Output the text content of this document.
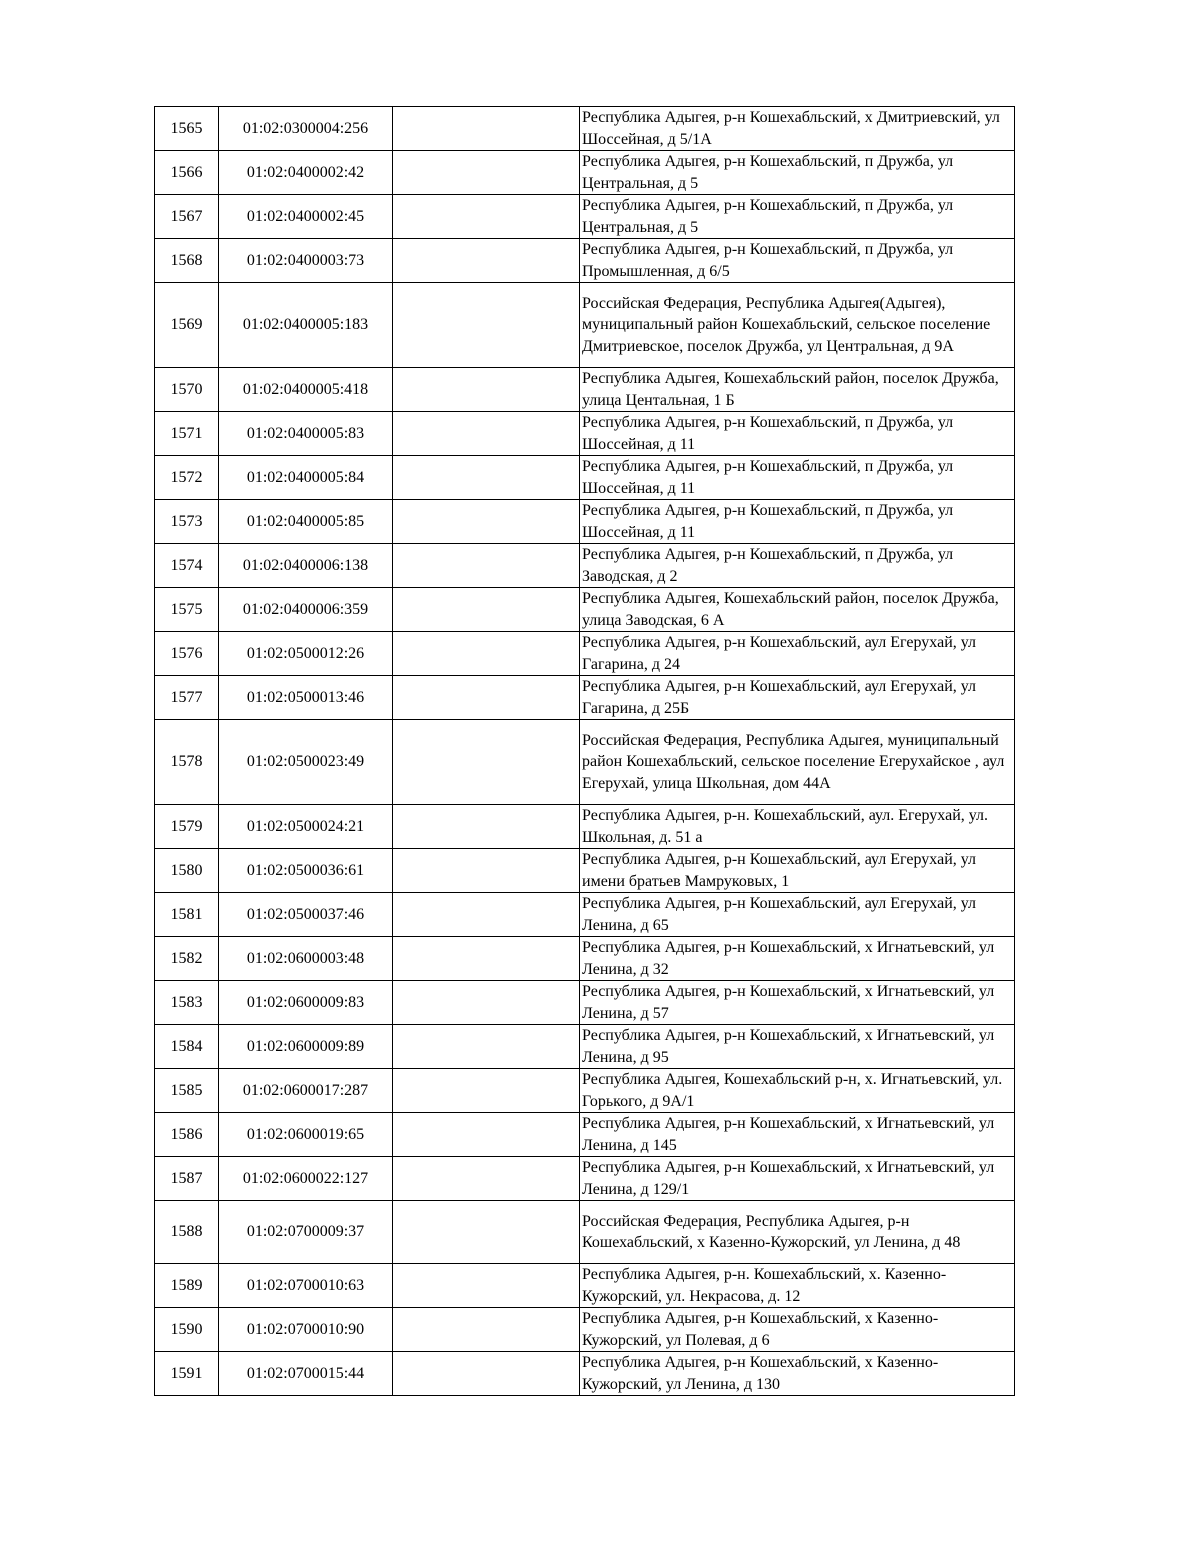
1565	01:02:0300004:256		Республика Адыгея, р-н Кошехабльский, х Дмитриевский, ул Шоссейная, д 5/1А
1566	01:02:0400002:42		Республика Адыгея, р-н Кошехабльский, п Дружба, ул Центральная, д 5
1567	01:02:0400002:45		Республика Адыгея, р-н Кошехабльский, п Дружба, ул Центральная, д 5
1568	01:02:0400003:73		Республика Адыгея, р-н Кошехабльский, п Дружба, ул Промышленная, д 6/5
1569	01:02:0400005:183		Российская Федерация, Республика Адыгея(Адыгея), муниципальный район Кошехабльский, сельское поселение Дмитриевское, поселок Дружба, ул Центральная, д 9А
1570	01:02:0400005:418		Республика Адыгея, Кошехабльский район, поселок Дружба, улица Центальная, 1 Б
1571	01:02:0400005:83		Республика Адыгея, р-н Кошехабльский, п Дружба, ул Шоссейная, д 11
1572	01:02:0400005:84		Республика Адыгея, р-н Кошехабльский, п Дружба, ул Шоссейная, д 11
1573	01:02:0400005:85		Республика Адыгея, р-н Кошехабльский, п Дружба, ул Шоссейная, д 11
1574	01:02:0400006:138		Республика Адыгея, р-н Кошехабльский, п Дружба, ул Заводская, д 2
1575	01:02:0400006:359		Республика Адыгея, Кошехабльский район, поселок Дружба, улица Заводская, 6 А
1576	01:02:0500012:26		Республика Адыгея, р-н Кошехабльский, аул Егерухай, ул Гагарина, д 24
1577	01:02:0500013:46		Республика Адыгея, р-н Кошехабльский, аул Егерухай, ул Гагарина, д 25Б
1578	01:02:0500023:49		Российская Федерация, Республика Адыгея, муниципальный район Кошехабльский, сельское поселение Егерухайское , аул Егерухай, улица Школьная, дом 44А
1579	01:02:0500024:21		Республика Адыгея, р-н. Кошехабльский, аул. Егерухай, ул. Школьная, д. 51 а
1580	01:02:0500036:61		Республика Адыгея, р-н Кошехабльский, аул Егерухай, ул имени братьев Мамруковых, 1
1581	01:02:0500037:46		Республика Адыгея, р-н Кошехабльский, аул Егерухай, ул Ленина, д 65
1582	01:02:0600003:48		Республика Адыгея, р-н Кошехабльский, х Игнатьевский, ул Ленина, д 32
1583	01:02:0600009:83		Республика Адыгея, р-н Кошехабльский, х Игнатьевский, ул Ленина, д 57
1584	01:02:0600009:89		Республика Адыгея, р-н Кошехабльский, х Игнатьевский, ул Ленина, д 95
1585	01:02:0600017:287		Республика Адыгея, Кошехабльский р-н, х. Игнатьевский, ул. Горького, д 9А/1
1586	01:02:0600019:65		Республика Адыгея, р-н Кошехабльский, х Игнатьевский, ул Ленина, д 145
1587	01:02:0600022:127		Республика Адыгея, р-н Кошехабльский, х Игнатьевский, ул Ленина, д 129/1
1588	01:02:0700009:37		Российская Федерация, Республика Адыгея, р-н Кошехабльский, х Казенно-Кужорский, ул Ленина, д 48
1589	01:02:0700010:63		Республика Адыгея, р-н. Кошехабльский, х. Казенно-Кужорский, ул. Некрасова, д. 12
1590	01:02:0700010:90		Республика Адыгея, р-н Кошехабльский, х Казенно-Кужорский, ул Полевая, д 6
1591	01:02:0700015:44		Республика Адыгея, р-н Кошехабльский, х Казенно-Кужорский, ул Ленина, д 130
